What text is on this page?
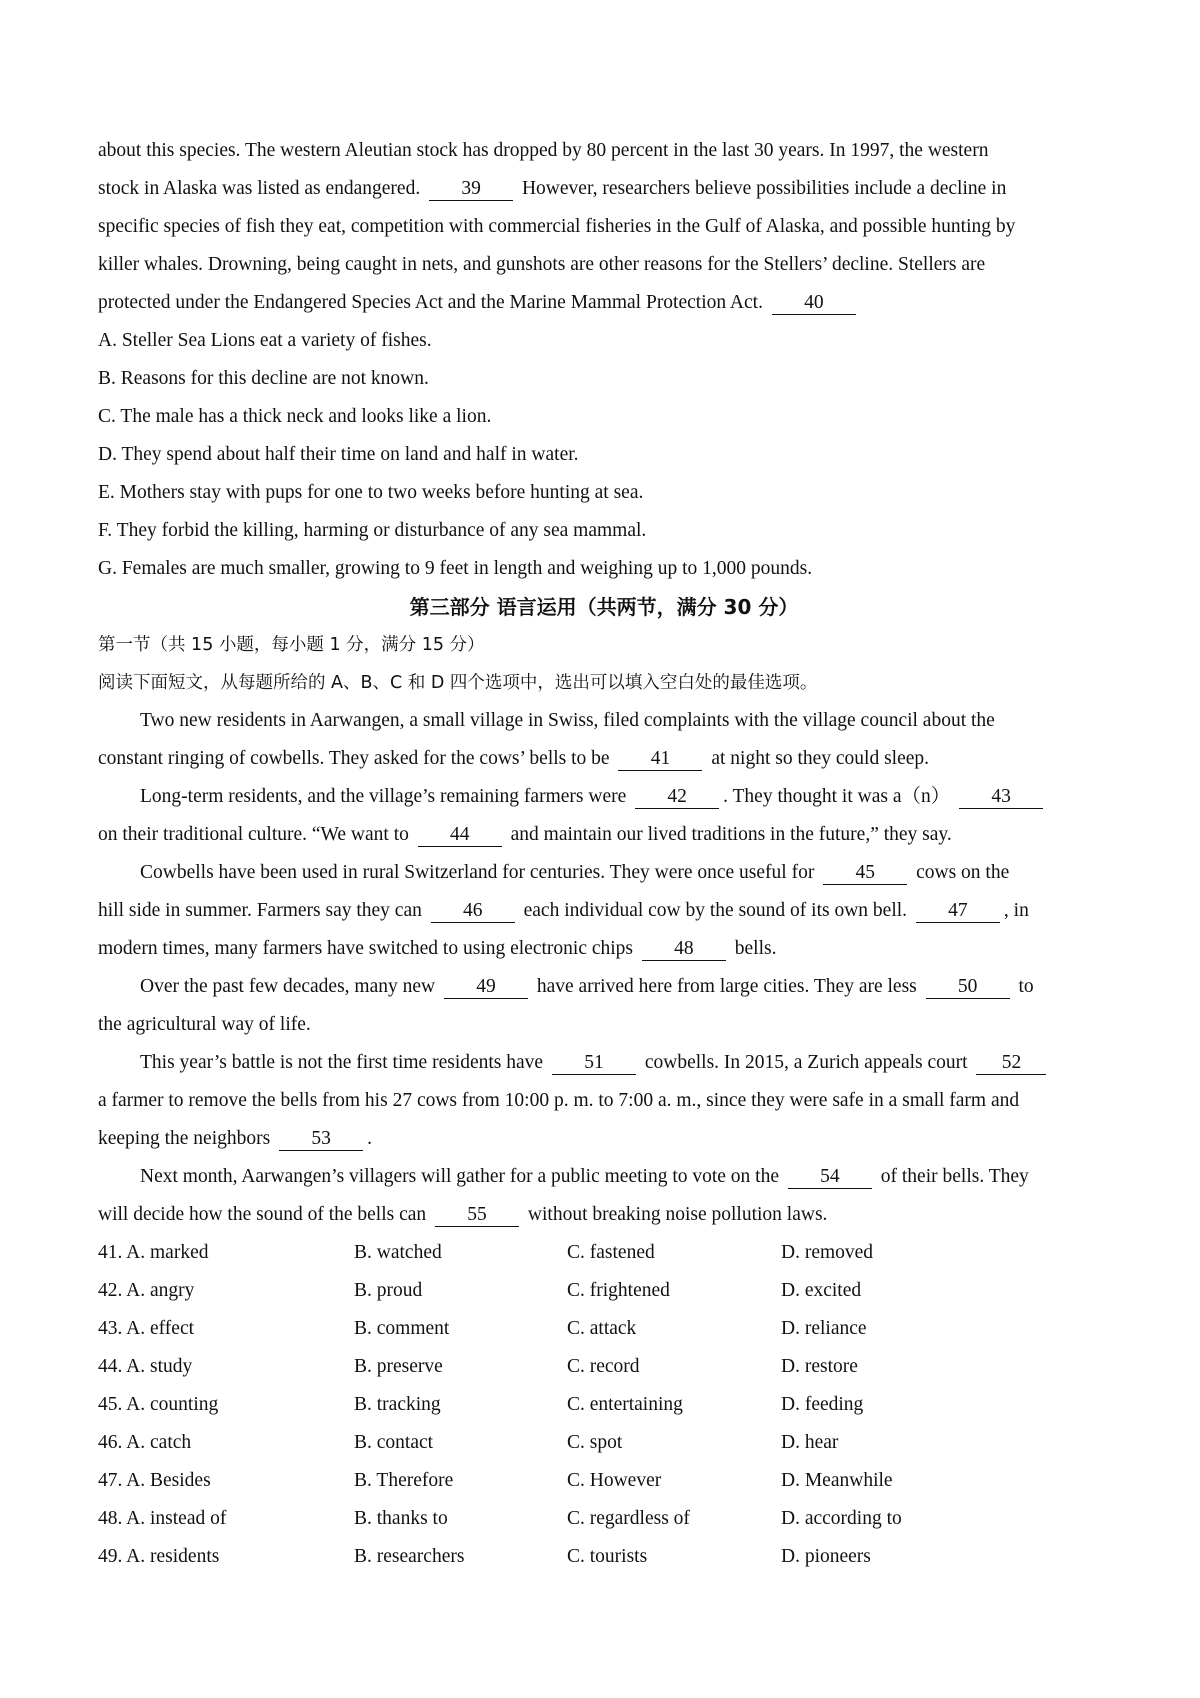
about this species. The western Aleutian stock has dropped by 80 percent in the last 30 years. In 1997, the western
stock in Alaska was listed as endangered. 39 However, researchers believe possibilities include a decline in
specific species of fish they eat, competition with commercial fisheries in the Gulf of Alaska, and possible hunting by
killer whales. Drowning, being caught in nets, and gunshots are other reasons for the Stellers’ decline. Stellers are
protected under the Endangered Species Act and the Marine Mammal Protection Act. 40
A. Steller Sea Lions eat a variety of fishes.
B. Reasons for this decline are not known.
C. The male has a thick neck and looks like a lion.
D. They spend about half their time on land and half in water.
E. Mothers stay with pups for one to two weeks before hunting at sea.
F. They forbid the killing, harming or disturbance of any sea mammal.
G. Females are much smaller, growing to 9 feet in length and weighing up to 1,000 pounds.
第三部分 语言运用（共两节，满分 30 分）
第一节（共 15 小题，每小题 1 分，满分 15 分）
阅读下面短文，从每题所给的 A、B、C 和 D 四个选项中，选出可以填入空白处的最佳选项。
Two new residents in Aarwangen, a small village in Swiss, filed complaints with the village council about the
constant ringing of cowbells. They asked for the cows’ bells to be 41 at night so they could sleep.
Long-term residents, and the village’s remaining farmers were 42 . They thought it was a（n） 43
on their traditional culture. “We want to 44 and maintain our lived traditions in the future,” they say.
Cowbells have been used in rural Switzerland for centuries. They were once useful for 45 cows on the
hill side in summer. Farmers say they can 46 each individual cow by the sound of its own bell. 47 , in
modern times, many farmers have switched to using electronic chips 48 bells.
Over the past few decades, many new 49 have arrived here from large cities. They are less 50 to
the agricultural way of life.
This year’s battle is not the first time residents have 51 cowbells. In 2015, a Zurich appeals court 52
a farmer to remove the bells from his 27 cows from 10:00 p. m. to 7:00 a. m., since they were safe in a small farm and
keeping the neighbors 53 .
Next month, Aarwangen’s villagers will gather for a public meeting to vote on the 54 of their bells. They
will decide how the sound of the bells can 55 without breaking noise pollution laws.
41. A. marked	B. watched	C. fastened	D. removed
42. A. angry	B. proud	C. frightened	D. excited
43. A. effect	B. comment	C. attack	D. reliance
44. A. study	B. preserve	C. record	D. restore
45. A. counting	B. tracking	C. entertaining	D. feeding
46. A. catch	B. contact	C. spot	D. hear
47. A. Besides	B. Therefore	C. However	D. Meanwhile
48. A. instead of	B. thanks to	C. regardless of	D. according to
49. A. residents	B. researchers	C. tourists	D. pioneers
